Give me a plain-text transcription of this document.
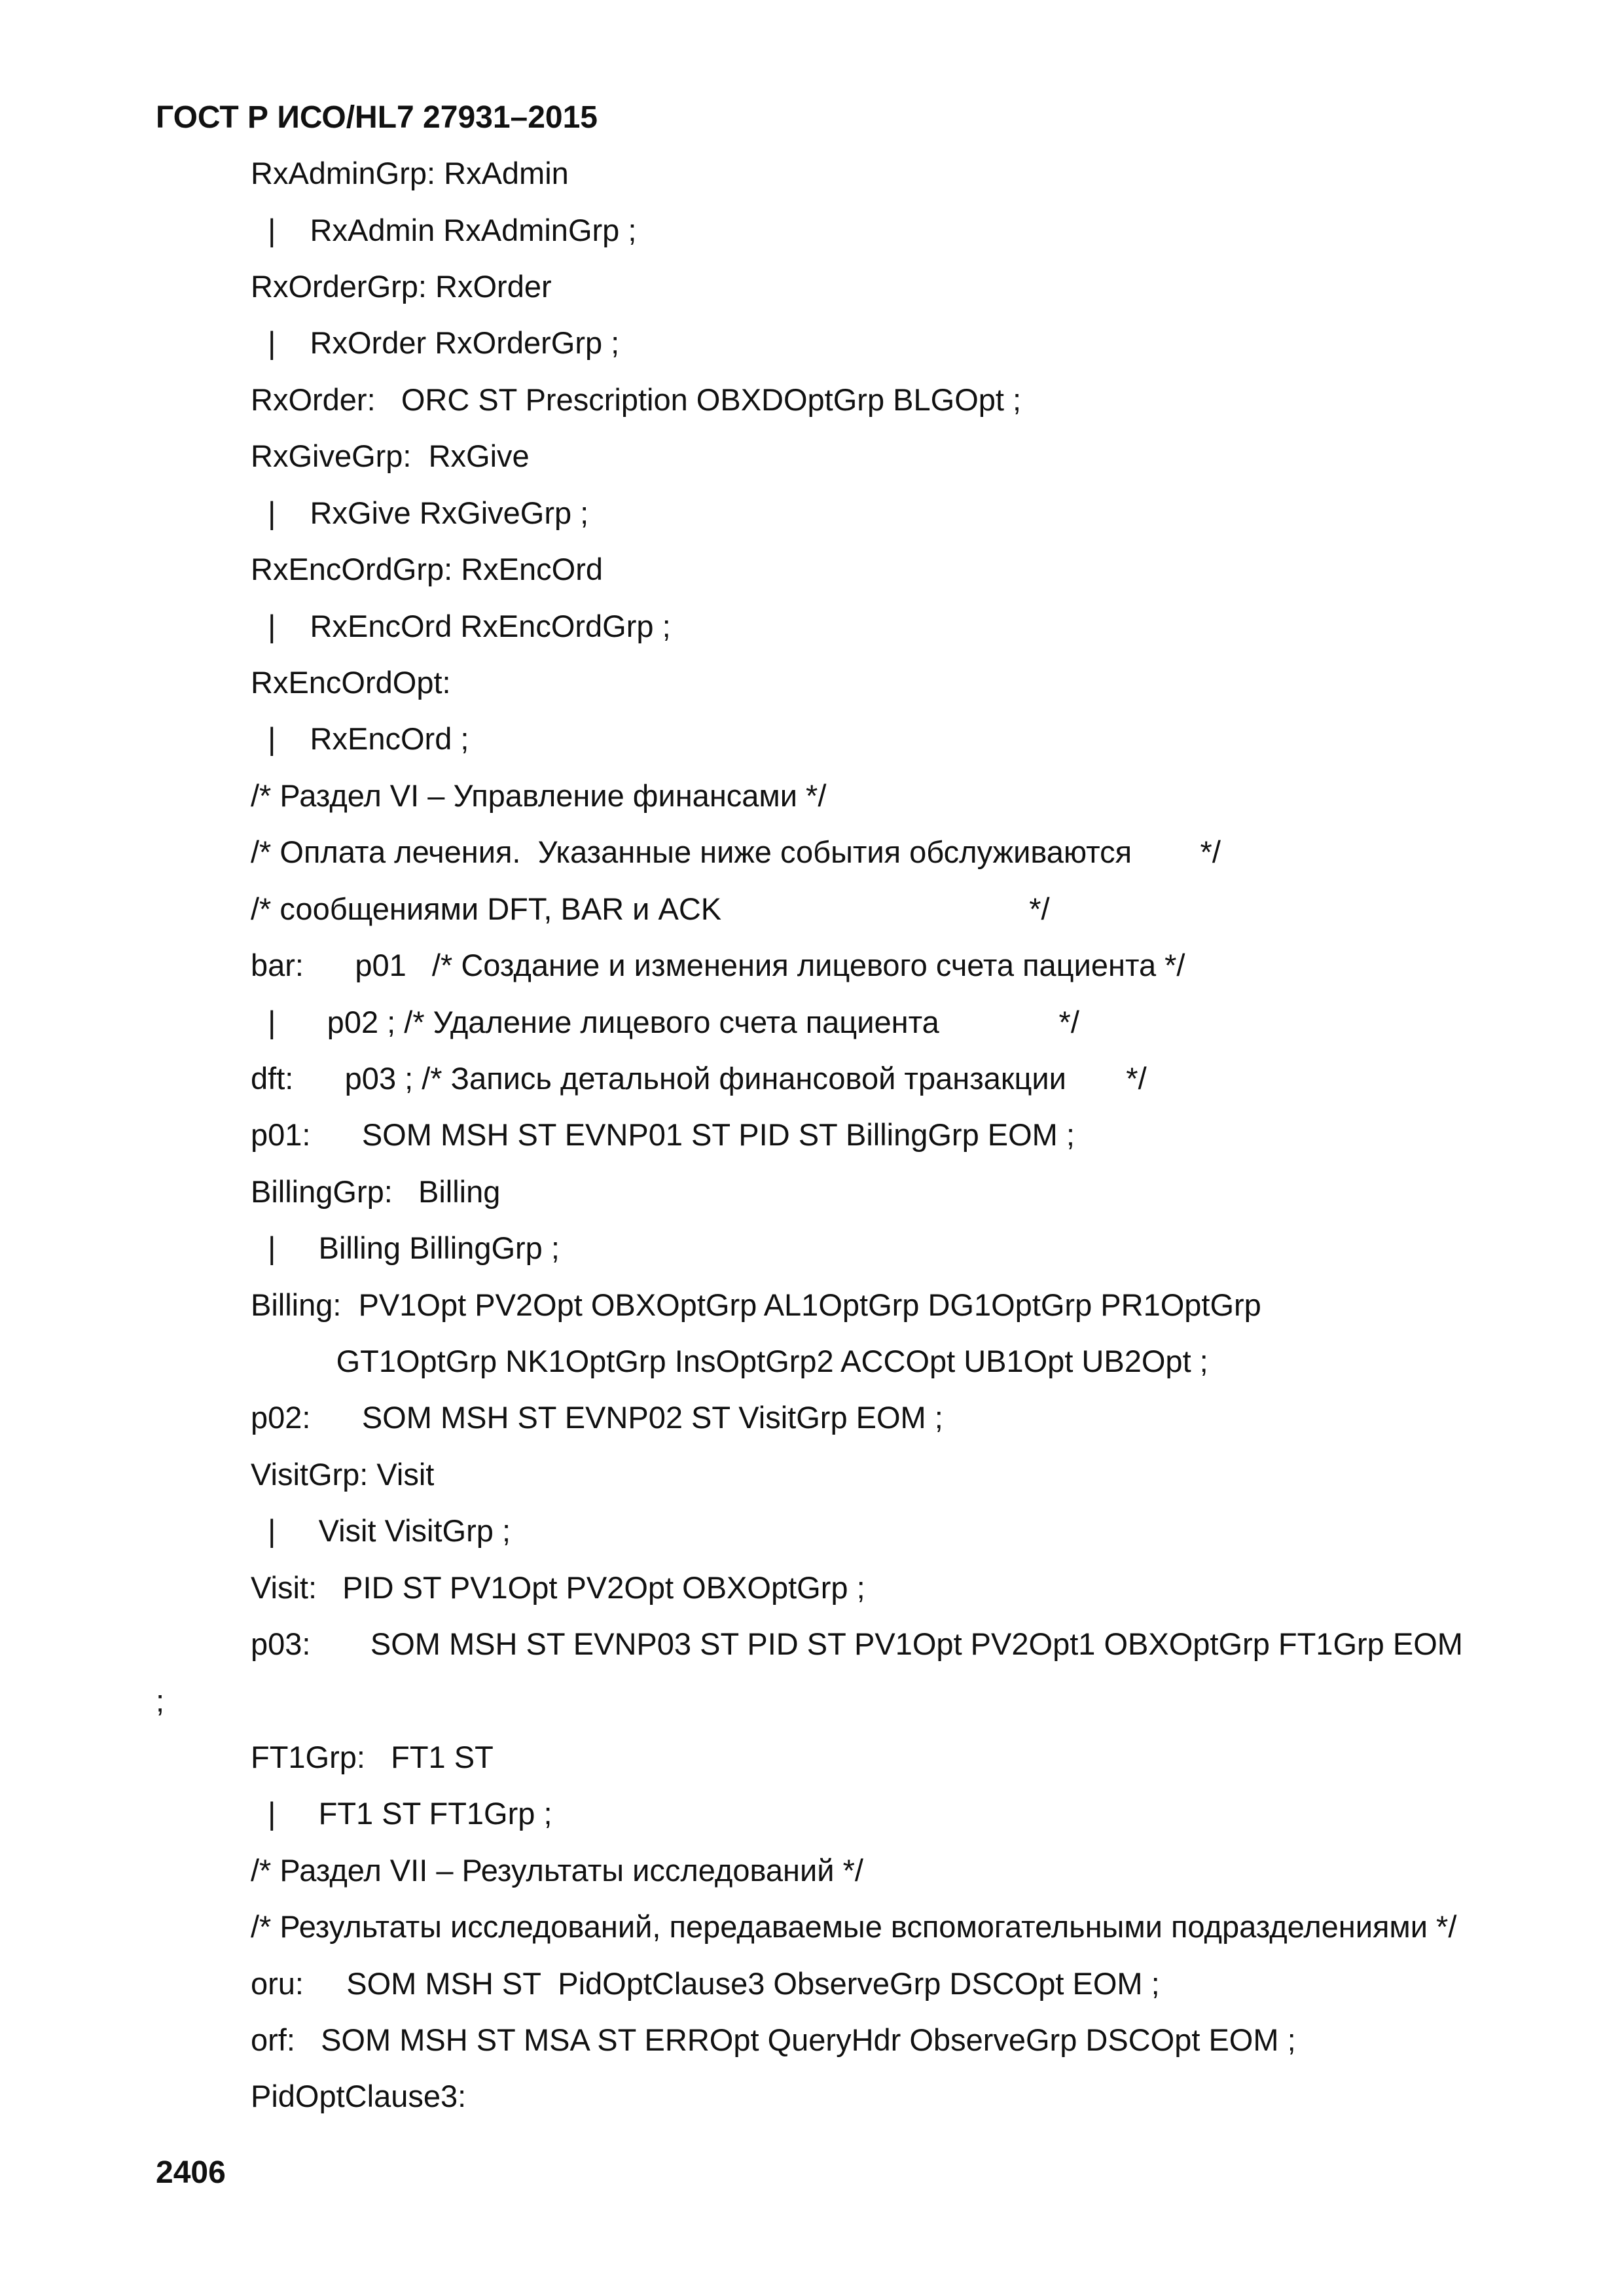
ГОСТ Р ИСО/HL7 27931–2015
RxAdminGrp: RxAdmin
|    RxAdmin RxAdminGrp ;
RxOrderGrp: RxOrder
|    RxOrder RxOrderGrp ;
RxOrder:   ORC ST Prescription OBXDOptGrp BLGOpt ;
RxGiveGrp:  RxGive
|    RxGive RxGiveGrp ;
RxEncOrdGrp: RxEncOrd
|    RxEncOrd RxEncOrdGrp ;
RxEncOrdOpt:
|    RxEncOrd ;
/* Раздел VI – Управление финансами */
/* Оплата лечения.  Указанные ниже события обслуживаются        */
/* сообщениями DFT, BAR и ACK                                    */
bar:      p01   /* Создание и изменения лицевого счета пациента */
|      p02 ; /* Удаление лицевого счета пациента              */
dft:      p03 ; /* Запись детальной финансовой транзакции       */
p01:      SOM MSH ST EVNP01 ST PID ST BillingGrp EOM ;
BillingGrp:   Billing
|     Billing BillingGrp ;
Billing:  PV1Opt PV2Opt OBXOptGrp AL1OptGrp DG1OptGrp PR1OptGrp
GT1OptGrp NK1OptGrp InsOptGrp2 ACCOpt UB1Opt UB2Opt ;
p02:      SOM MSH ST EVNP02 ST VisitGrp EOM ;
VisitGrp: Visit
|     Visit VisitGrp ;
Visit:   PID ST PV1Opt PV2Opt OBXOptGrp ;
p03:       SOM MSH ST EVNP03 ST PID ST PV1Opt PV2Opt1 OBXOptGrp FT1Grp EOM
;
FT1Grp:   FT1 ST
|     FT1 ST FT1Grp ;
/* Раздел VII – Результаты исследований */
/* Результаты исследований, передаваемые вспомогательными подразделениями */
oru:     SOM MSH ST  PidOptClause3 ObserveGrp DSCOpt EOM ;
orf:   SOM MSH ST MSA ST ERROpt QueryHdr ObserveGrp DSCOpt EOM ;
PidOptClause3:
2406
